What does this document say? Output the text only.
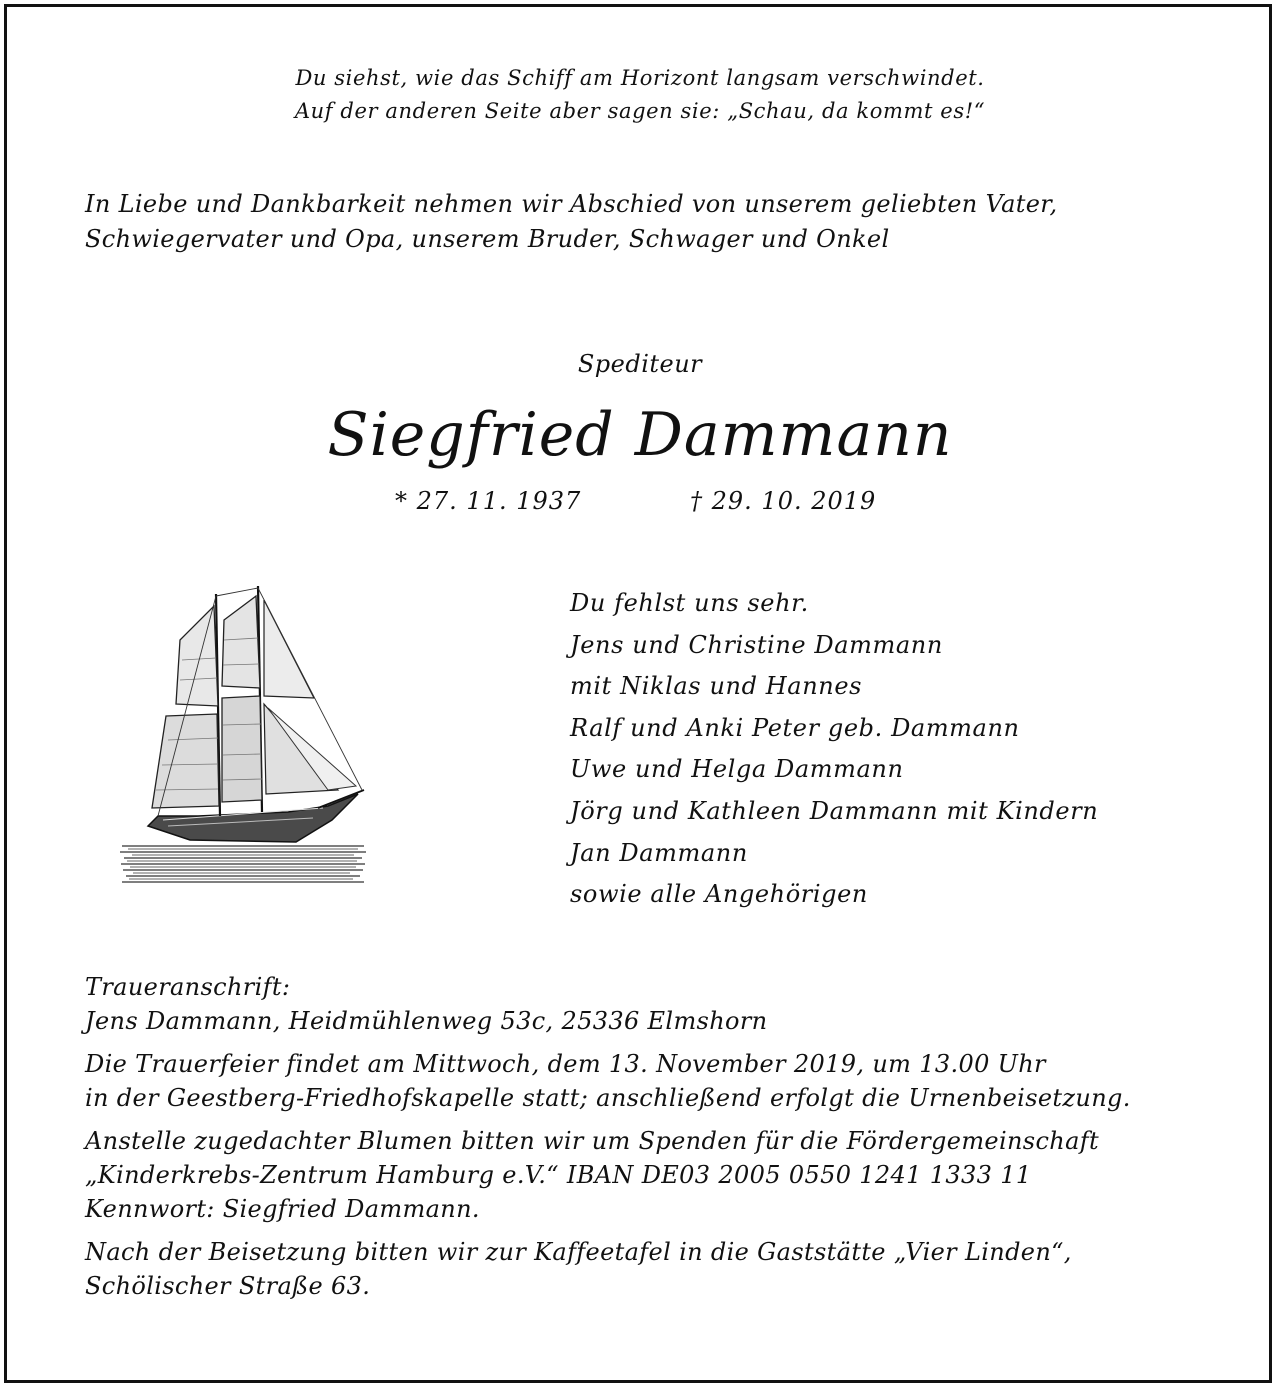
Du siehst, wie das Schiff am Horizont langsam verschwindet.
Auf der anderen Seite aber sagen sie: „Schau, da kommt es!“
In Liebe und Dankbarkeit nehmen wir Abschied von unserem geliebten Vater,
Schwiegervater und Opa, unserem Bruder, Schwager und Onkel
Spediteur
Siegfried Dammann
* 27. 11. 1937	† 29. 10. 2019
Du fehlst uns sehr.
Jens und Christine Dammann
mit Niklas und Hannes
Ralf und Anki Peter geb. Dammann
Uwe und Helga Dammann
Jörg und Kathleen Dammann mit Kindern
Jan Dammann
sowie alle Angehörigen
Traueranschrift:
Jens Dammann, Heidmühlenweg 53c, 25336 Elmshorn
Die Trauerfeier findet am Mittwoch, dem 13. November 2019, um 13.00 Uhr
in der Geestberg-Friedhofskapelle statt; anschließend erfolgt die Urnenbeisetzung.
Anstelle zugedachter Blumen bitten wir um Spenden für die Fördergemeinschaft
„Kinderkrebs-Zentrum Hamburg e.V.“ IBAN DE03 2005 0550 1241 1333 11
Kennwort: Siegfried Dammann.
Nach der Beisetzung bitten wir zur Kaffeetafel in die Gaststätte „Vier Linden“,
Schölischer Straße 63.
